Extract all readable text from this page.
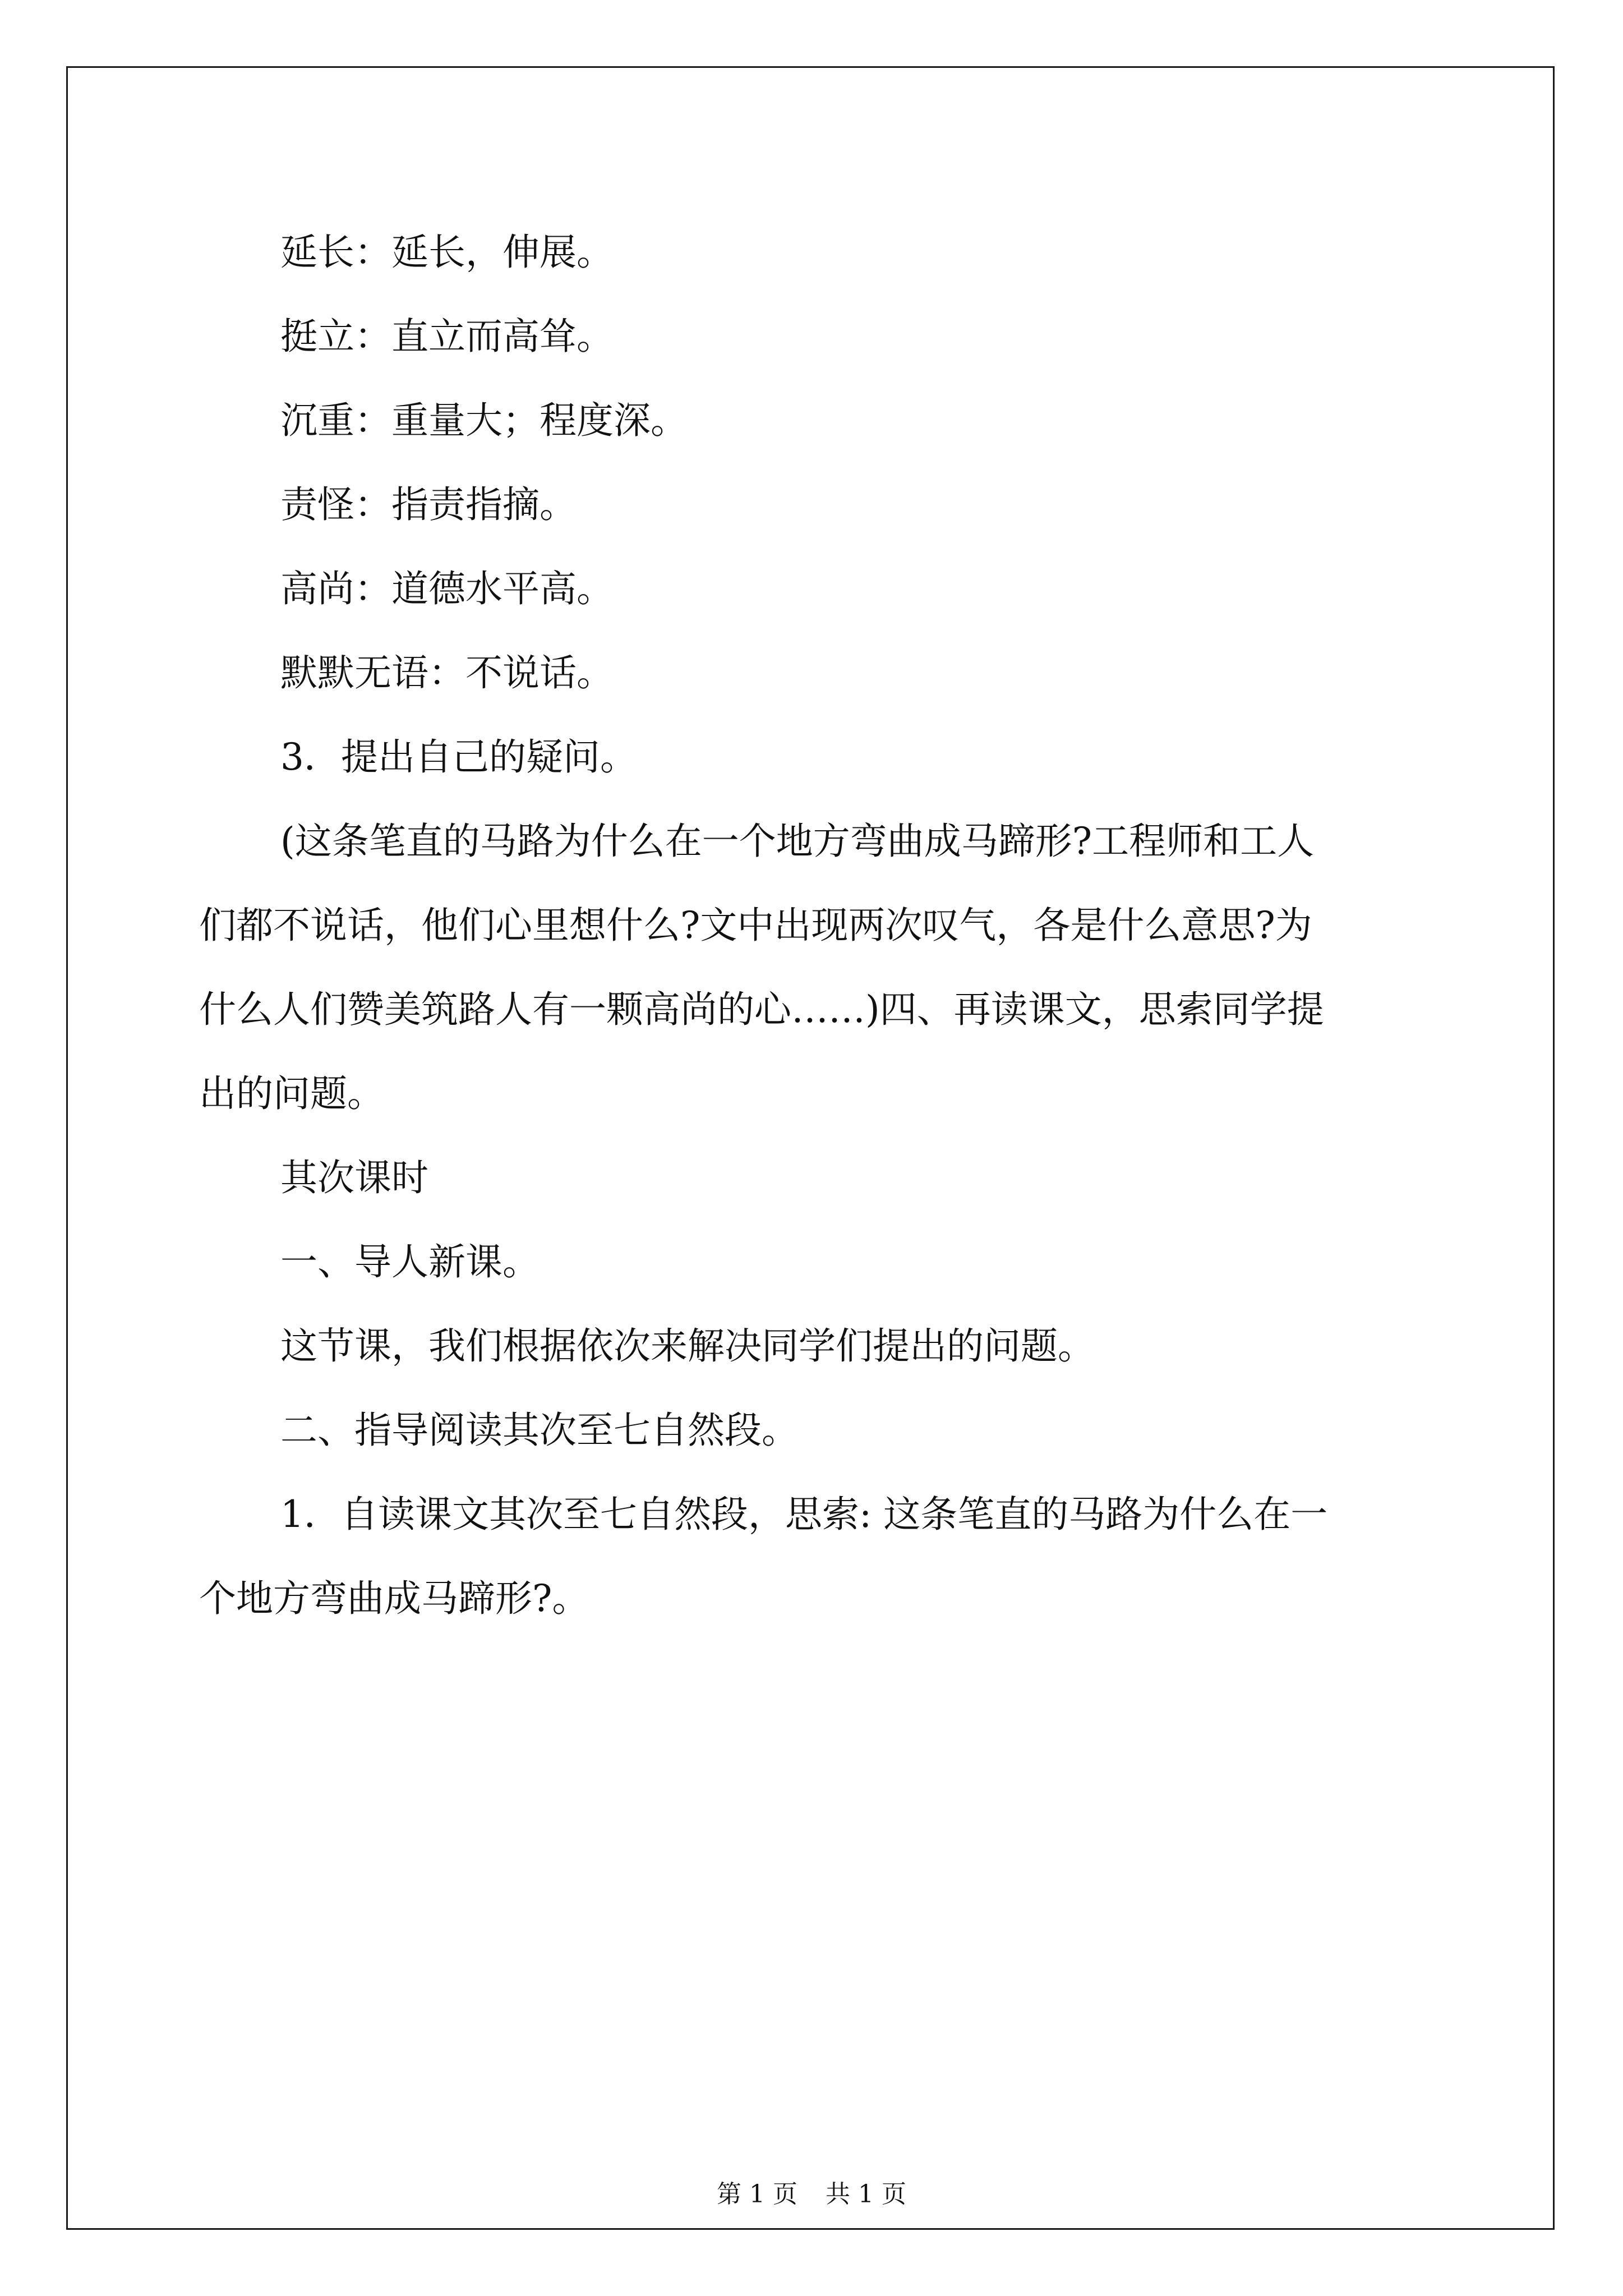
延长：延长，伸展。
挺立：直立而高耸。
沉重：重量大；程度深。
责怪：指责指摘。
高尚：道德水平高。
默默无语：不说话。
3．提出自己的疑问。
(这条笔直的马路为什么在一个地方弯曲成马蹄形?工程师和工人
们都不说话，他们心里想什么?文中出现两次叹气，各是什么意思?为
什么人们赞美筑路人有一颗高尚的心……)四、再读课文，思索同学提
出的问题。
其次课时
一、导人新课。
这节课，我们根据依次来解决同学们提出的问题。
二、指导阅读其次至七自然段。
1．自读课文其次至七自然段，思索: 这条笔直的马路为什么在一
个地方弯曲成马蹄形?。
第 1 页 共 1 页
